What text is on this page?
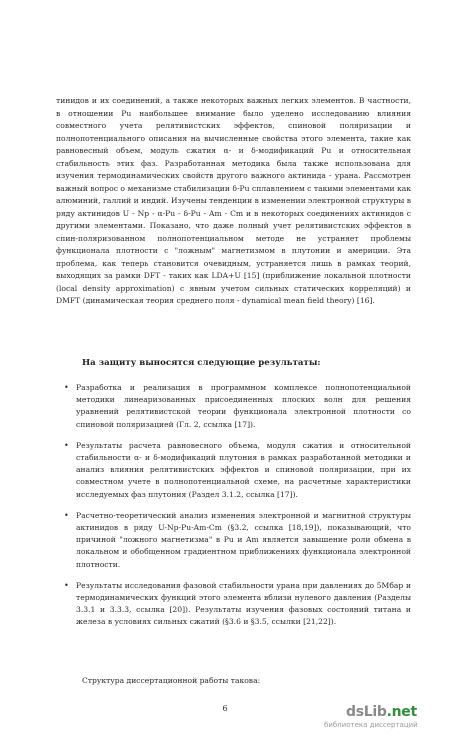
тинидов и их соединений, а также некоторых важных легких элементов. В частности, в отношении Pu наибольшее внимание было уделено исследованию влияния совместного учета релятивистских эффектов, спиновой поляризации и полнопотенциального описания на вычисленные свойства этого элемента, такие как равновесный объем, модуль сжатия α- и δ-модификаций Pu и относительная стабильность этих фаз. Разработанная методика была также использована для изучения термодинамических свойств другого важного актинида - урана. Рассмотрен важный вопрос о механизме стабилизации δ-Pu сплавлением с такими элементами как алюминий, галлий и индий. Изучены тенденции в изменении электронной структуры в ряду актинидов U - Np - α-Pu - δ-Pu - Am - Cm и в некоторых соединениях актинидов с другими элементами. Показано, что даже полный учет релятивистских эффектов в спин-поляризованном полнопотенциальном методе не устраняет проблемы функционала плотности с "ложным" магнетизмом в плутонии и америции. Эта проблема, как теперь становится очевидным, устраняется лишь в рамках теорий, выходящих за рамки DFT - таких как LDA+U [15] (приближение локальной плотности (local density approximation) с явным учетом сильных статических корреляций) и DMFT (динамическая теория среднего поля - dynamical mean field theory) [16].

На защиту выносятся следующие результаты:
• Разработка и реализация в программном комплексе полнопотенциальной методики линеаризованных присоединенных плоских волн для решения уравнений релятивистской теории функционала электронной плотности со спиновой поляризацией (Гл. 2, ссылка [17]).
• Результаты расчета равновесного объема, модуля сжатия и относительной стабильности α- и δ-модификаций плутония в рамках разработанной методики и анализ влияния релятивистских эффектов и спиновой поляризации, при их совместном учете в полнопотенциальной схеме, на расчетные характеристики исследуемых фаз плутония (Раздел 3.1.2, ссылка [17]).
• Расчетно-теоретический анализ изменения электронной и магнитной структуры актинидов в ряду U-Np-Pu-Am-Cm (§3.2, ссылка [18,19]), показывающий, что причиной "ложного магнетизма" в Pu и Am является завышение роли обмена в локальном и обобщенном градиентном приближениях функционала электронной плотности.
• Результаты исследования фазовой стабильности урана при давлениях до 5Мбар и термодинамических функций этого элемента вблизи нулевого давления (Разделы 3.3.1 и 3.3.3, ссылка [20]). Результаты изучения фазовых состояний титана и железа в условиях сильных сжатий (§3.6 и §3.5, ссылки [21,22]).
Структура диссертационной работы такова:
6	dsLib.net
библиотека диссертаций
